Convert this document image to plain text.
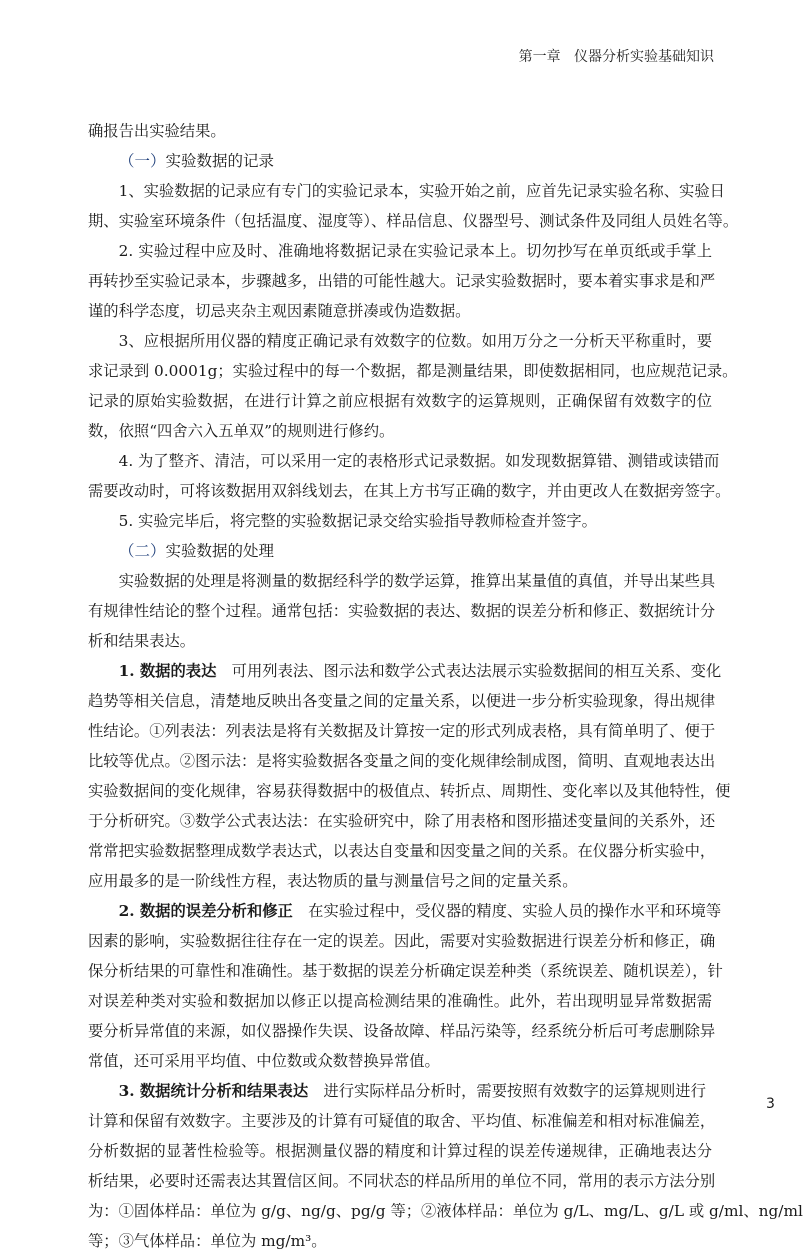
第一章 仪器分析实验基础知识
确报告出实验结果。
（一）实验数据的记录
1、实验数据的记录应有专门的实验记录本，实验开始之前，应首先记录实验名称、实验日
期、实验室环境条件（包括温度、湿度等）、样品信息、仪器型号、测试条件及同组人员姓名等。
2. 实验过程中应及时、准确地将数据记录在实验记录本上。切勿抄写在单页纸或手掌上
再转抄至实验记录本，步骤越多，出错的可能性越大。记录实验数据时，要本着实事求是和严
谨的科学态度，切忌夹杂主观因素随意拼凑或伪造数据。
3、应根据所用仪器的精度正确记录有效数字的位数。如用万分之一分析天平称重时，要
求记录到 0.0001g；实验过程中的每一个数据，都是测量结果，即使数据相同，也应规范记录。
记录的原始实验数据，在进行计算之前应根据有效数字的运算规则，正确保留有效数字的位
数，依照“四舍六入五单双”的规则进行修约。
4. 为了整齐、清洁，可以采用一定的表格形式记录数据。如发现数据算错、测错或读错而
需要改动时，可将该数据用双斜线划去，在其上方书写正确的数字，并由更改人在数据旁签字。
5. 实验完毕后，将完整的实验数据记录交给实验指导教师检查并签字。
（二）实验数据的处理
实验数据的处理是将测量的数据经科学的数学运算，推算出某量值的真值，并导出某些具
有规律性结论的整个过程。通常包括：实验数据的表达、数据的误差分析和修正、数据统计分
析和结果表达。
1. 数据的表达 可用列表法、图示法和数学公式表达法展示实验数据间的相互关系、变化
趋势等相关信息，清楚地反映出各变量之间的定量关系，以便进一步分析实验现象，得出规律
性结论。①列表法：列表法是将有关数据及计算按一定的形式列成表格，具有简单明了、便于
比较等优点。②图示法：是将实验数据各变量之间的变化规律绘制成图，简明、直观地表达出
实验数据间的变化规律，容易获得数据中的极值点、转折点、周期性、变化率以及其他特性，便
于分析研究。③数学公式表达法：在实验研究中，除了用表格和图形描述变量间的关系外，还
常常把实验数据整理成数学表达式，以表达自变量和因变量之间的关系。在仪器分析实验中，
应用最多的是一阶线性方程，表达物质的量与测量信号之间的定量关系。
2. 数据的误差分析和修正 在实验过程中，受仪器的精度、实验人员的操作水平和环境等
因素的影响，实验数据往往存在一定的误差。因此，需要对实验数据进行误差分析和修正，确
保分析结果的可靠性和准确性。基于数据的误差分析确定误差种类（系统误差、随机误差），针
对误差种类对实验和数据加以修正以提高检测结果的准确性。此外，若出现明显异常数据需
要分析异常值的来源，如仪器操作失误、设备故障、样品污染等，经系统分析后可考虑删除异
常值，还可采用平均值、中位数或众数替换异常值。
3. 数据统计分析和结果表达 进行实际样品分析时，需要按照有效数字的运算规则进行
计算和保留有效数字。主要涉及的计算有可疑值的取舍、平均值、标准偏差和相对标准偏差，
分析数据的显著性检验等。根据测量仪器的精度和计算过程的误差传递规律，正确地表达分
析结果，必要时还需表达其置信区间。不同状态的样品所用的单位不同，常用的表示方法分别
为：①固体样品：单位为 g/g、ng/g、pg/g 等；②液体样品：单位为 g/L、mg/L、g/L 或 g/ml、ng/ml
等；③气体样品：单位为 mg/m³。
3
